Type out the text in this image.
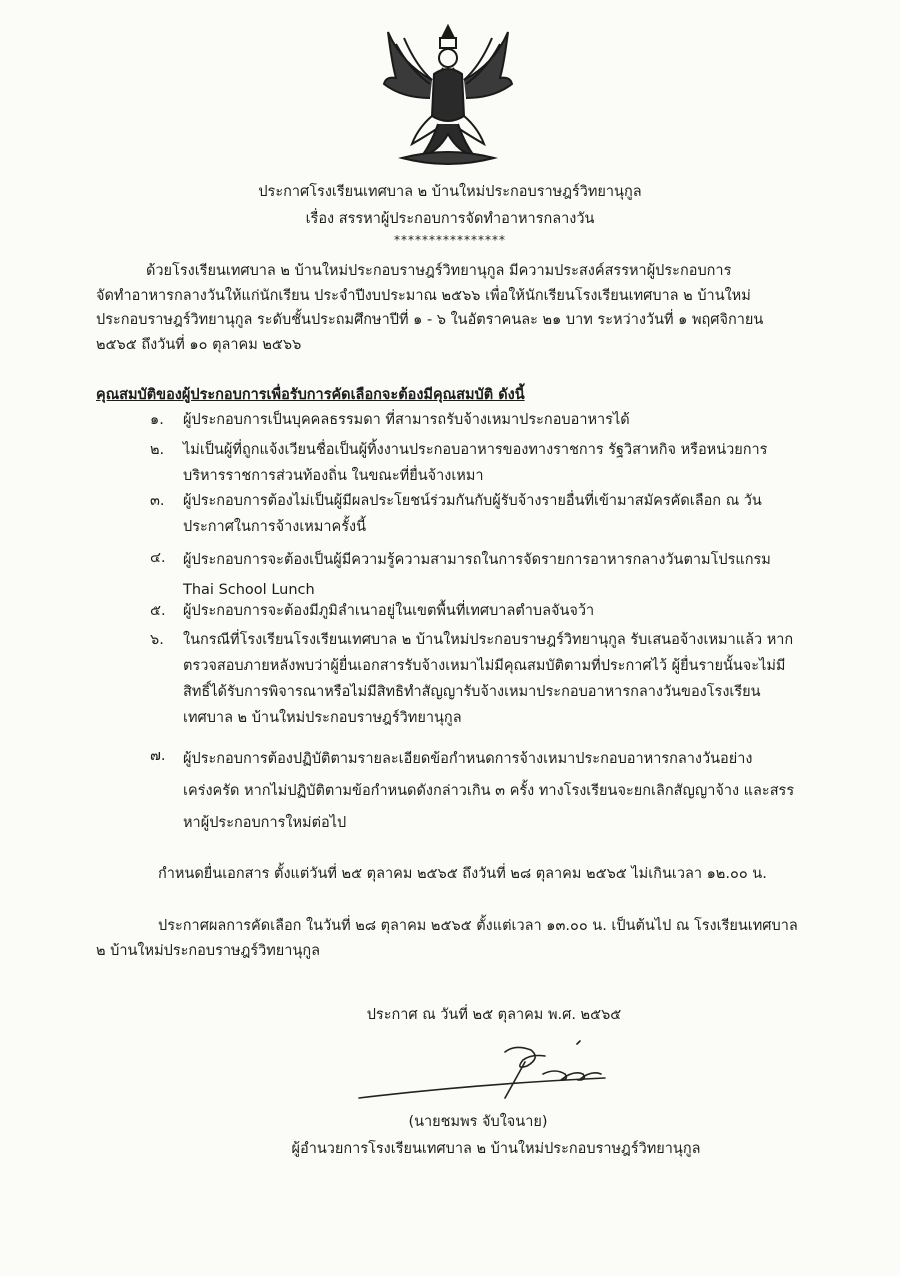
ประกาศโรงเรียนเทศบาล ๒ บ้านใหม่ประกอบราษฎร์วิทยานุกูล
เรื่อง สรรหาผู้ประกอบการจัดทำอาหารกลางวัน
****************
ด้วยโรงเรียนเทศบาล ๒ บ้านใหม่ประกอบราษฎร์วิทยานุกูล มีความประสงค์สรรหาผู้ประกอบการ
จัดทำอาหารกลางวันให้แก่นักเรียน ประจำปีงบประมาณ ๒๕๖๖ เพื่อให้นักเรียนโรงเรียนเทศบาล ๒ บ้านใหม่
ประกอบราษฎร์วิทยานุกูล ระดับชั้นประถมศึกษาปีที่ ๑ - ๖ ในอัตราคนละ ๒๑ บาท ระหว่างวันที่ ๑ พฤศจิกายน
๒๕๖๕ ถึงวันที่ ๑๐ ตุลาคม ๒๕๖๖
คุณสมบัติของผู้ประกอบการเพื่อรับการคัดเลือกจะต้องมีคุณสมบัติ ดังนี้
๑.	ผู้ประกอบการเป็นบุคคลธรรมดา ที่สามารถรับจ้างเหมาประกอบอาหารได้
๒.	ไม่เป็นผู้ที่ถูกแจ้งเวียนชื่อเป็นผู้ทิ้งงานประกอบอาหารของทางราชการ รัฐวิสาหกิจ หรือหน่วยการ
บริหารราชการส่วนท้องถิ่น ในขณะที่ยื่นจ้างเหมา
๓.	ผู้ประกอบการต้องไม่เป็นผู้มีผลประโยชน์ร่วมกันกับผู้รับจ้างรายอื่นที่เข้ามาสมัครคัดเลือก ณ วัน
ประกาศในการจ้างเหมาครั้งนี้
๔.	ผู้ประกอบการจะต้องเป็นผู้มีความรู้ความสามารถในการจัดรายการอาหารกลางวันตามโปรแกรม
Thai School Lunch
๕.	ผู้ประกอบการจะต้องมีภูมิลำเนาอยู่ในเขตพื้นที่เทศบาลตำบลจันจว้า
๖.	ในกรณีที่โรงเรียนโรงเรียนเทศบาล ๒ บ้านใหม่ประกอบราษฎร์วิทยานุกูล รับเสนอจ้างเหมาแล้ว หาก
ตรวจสอบภายหลังพบว่าผู้ยื่นเอกสารรับจ้างเหมาไม่มีคุณสมบัติตามที่ประกาศไว้ ผู้ยื่นรายนั้นจะไม่มี
สิทธิ์ได้รับการพิจารณาหรือไม่มีสิทธิทำสัญญารับจ้างเหมาประกอบอาหารกลางวันของโรงเรียน
เทศบาล ๒ บ้านใหม่ประกอบราษฎร์วิทยานุกูล
๗.	ผู้ประกอบการต้องปฏิบัติตามรายละเอียดข้อกำหนดการจ้างเหมาประกอบอาหารกลางวันอย่าง
เคร่งครัด หากไม่ปฏิบัติตามข้อกำหนดดังกล่าวเกิน ๓ ครั้ง ทางโรงเรียนจะยกเลิกสัญญาจ้าง และสรร
หาผู้ประกอบการใหม่ต่อไป
กำหนดยื่นเอกสาร ตั้งแต่วันที่ ๒๕ ตุลาคม ๒๕๖๕ ถึงวันที่ ๒๘ ตุลาคม ๒๕๖๕ ไม่เกินเวลา ๑๒.๐๐ น.
ประกาศผลการคัดเลือก ในวันที่ ๒๘ ตุลาคม ๒๕๖๕ ตั้งแต่เวลา ๑๓.๐๐ น. เป็นต้นไป ณ โรงเรียนเทศบาล
๒ บ้านใหม่ประกอบราษฎร์วิทยานุกูล
ประกาศ ณ วันที่ ๒๕ ตุลาคม พ.ศ. ๒๕๖๕
(นายชมพร จับใจนาย)
ผู้อำนวยการโรงเรียนเทศบาล ๒ บ้านใหม่ประกอบราษฎร์วิทยานุกูล
